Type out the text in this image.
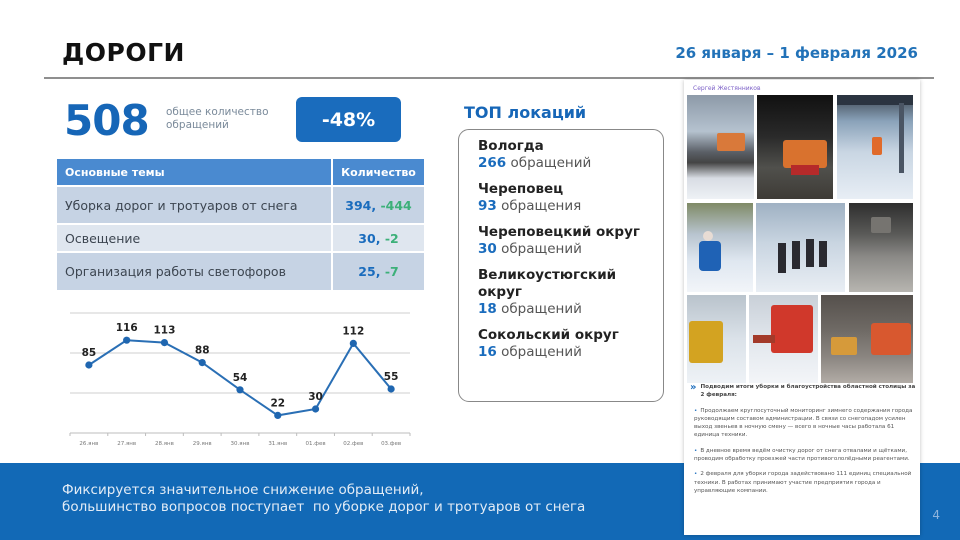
ДОРОГИ	26 января – 1 февраля 2026
508 общее количество обращений	-48%
Основные темы	Количество
Уборка дорог и тротуаров от снега	394, -444
Освещение	30, -2
Организация работы светофоров	25, -7
85
26.янв
116
27.янв
113
28.янв
88
29.янв
54
30.янв
22
31.янв
30
01.фев
112
02.фев
55
03.фев
ТОП локаций
Вологда
266 обращений
Череповец
93 обращения
Череповецкий округ
30 обращений
Великоустюгский округ
18 обращений
Сокольский округ
16 обращений
Фиксируется значительное снижение обращений,
большинство вопросов поступает  по уборке дорог и тротуаров от снега
Сергей Жестянников
» Подводим итоги уборки и благоустройства областной столицы за 2 февраля:
• Продолжаем круглосуточный мониторинг зимнего содержания города руководящим составом администрации. В связи со снегопадом усилен выход звеньев в ночную смену — всего в ночные часы работала 61 единица техники.
• В дневное время ведём очистку дорог от снега отвалами и щётками, проводим обработку проезжей части противогололёдными реагентами.
• 2 февраля для уборки города задействовано 111 единиц специальной техники. В работах принимают участие предприятия города и управляющие компании.
4
